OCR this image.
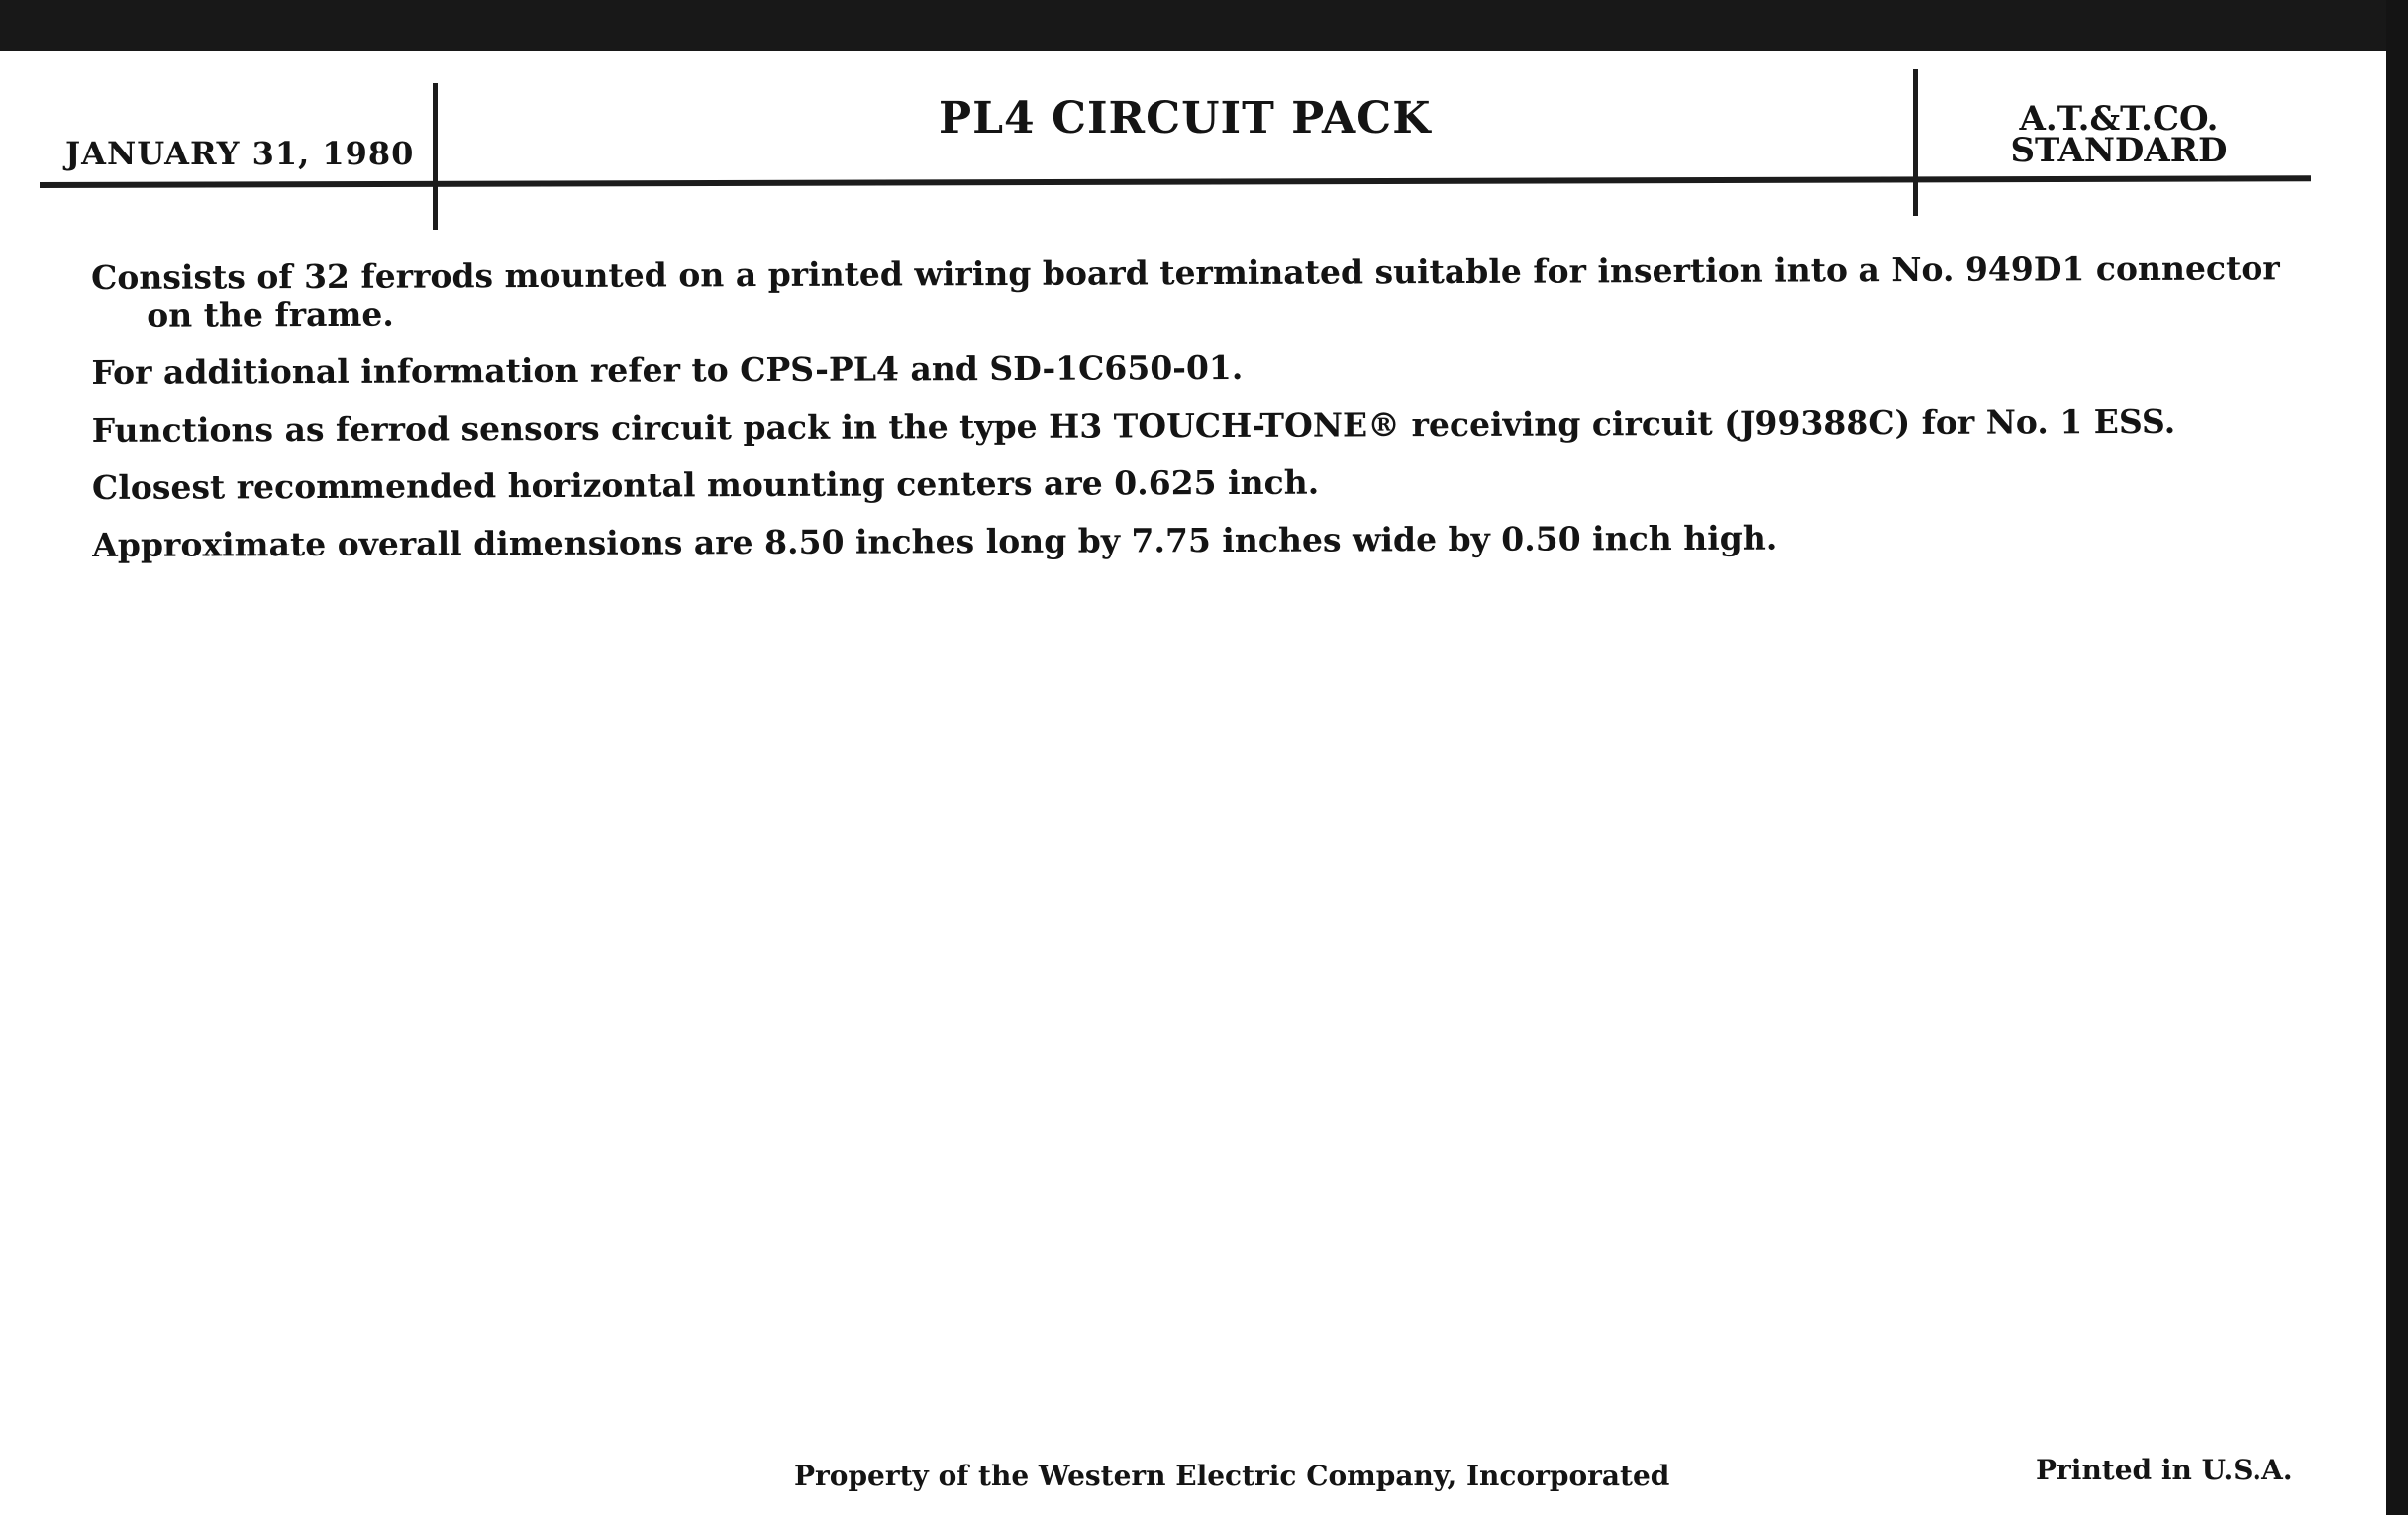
JANUARY 31, 1980
PL4 CIRCUIT PACK	A.T.&T.CO.
STANDARD

Consists of 32 ferrods mounted on a printed wiring board terminated suitable for insertion into a No. 949D1 connector on the frame.

For additional information refer to CPS-PL4 and SD-1C650-01.

Functions as ferrod sensors circuit pack in the type H3 TOUCH-TONE® receiving circuit (J99388C) for No. 1 ESS.

Closest recommended horizontal mounting centers are 0.625 inch.

Approximate overall dimensions are 8.50 inches long by 7.75 inches wide by 0.50 inch high.

Property of the Western Electric Company, Incorporated	Printed in U.S.A.
